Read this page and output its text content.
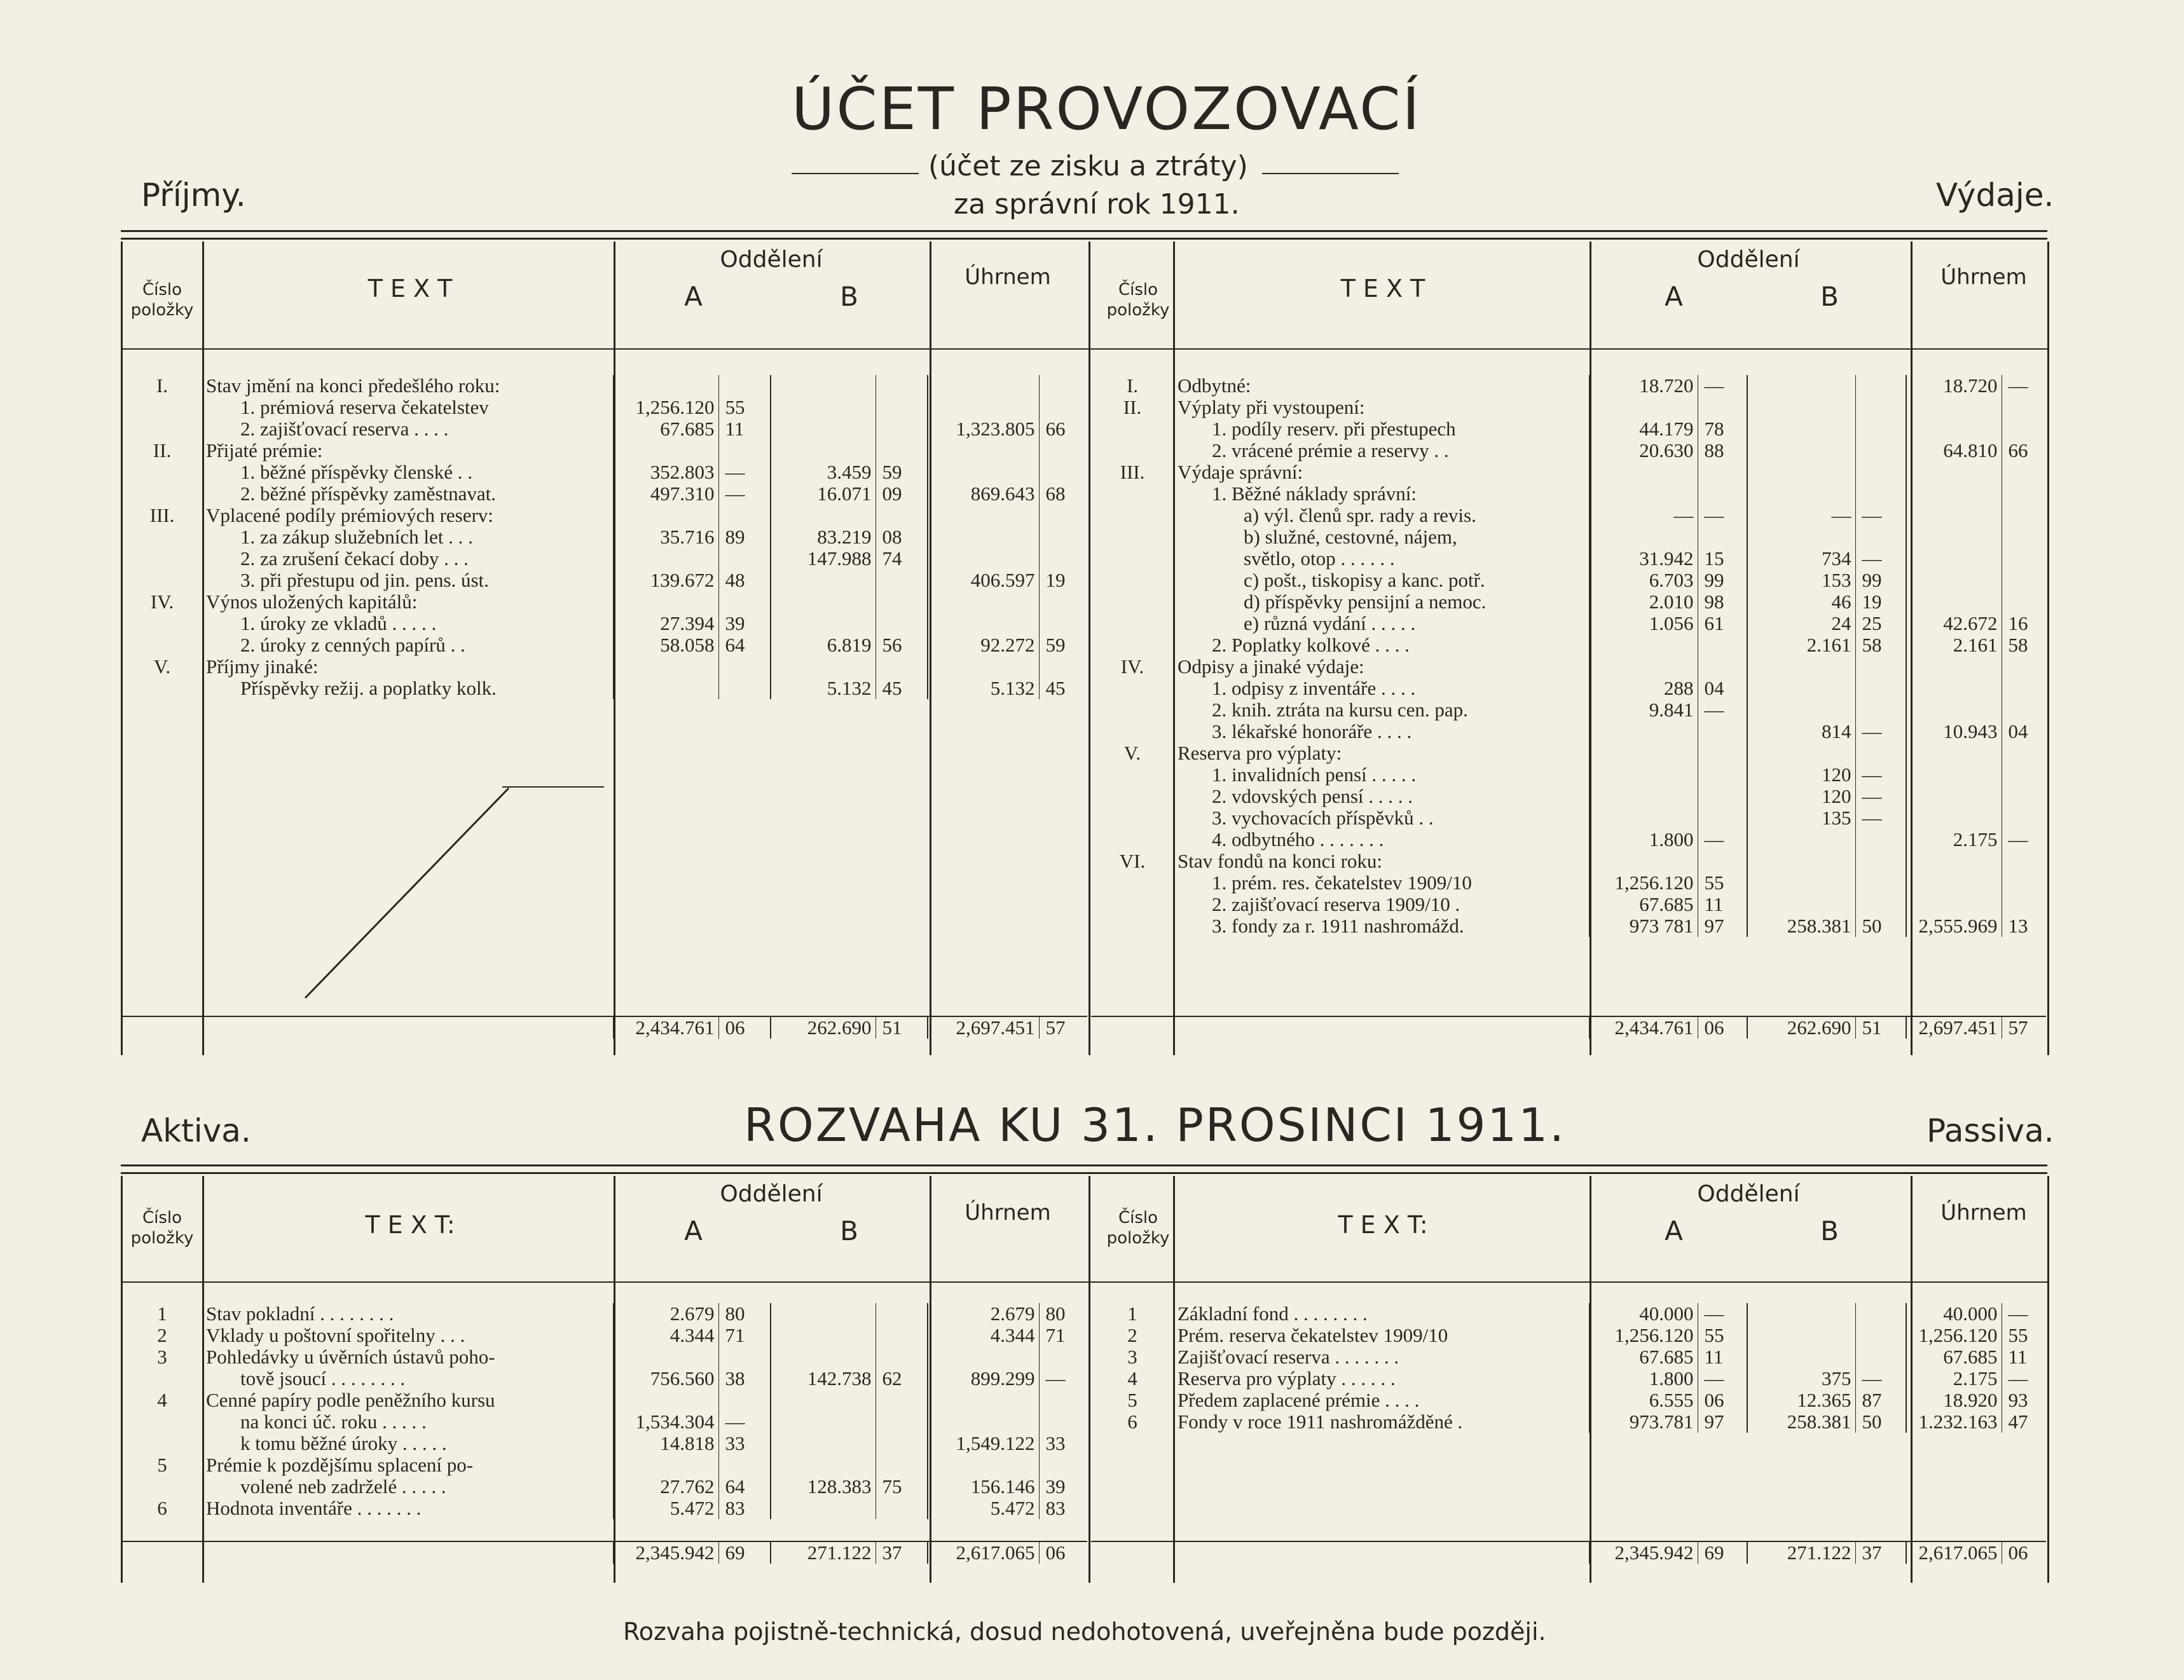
ÚČET PROVOZOVACÍ
(účet ze zisku a ztráty)
za správní rok 1911.
Příjmy.	Výdaje.
Číslo položky
T E X T
Oddělení
A	B
Úhrnem	Číslo položky
T E X T
Oddělení
A	B
Úhrnem
I.	Stav jmění na konci předešlého roku:						
	1. prémiová reserva čekatelstev	1,256.120	55				
	2. zajišťovací reserva . . . .	67.685	11			1,323.805	66
II.	Přijaté prémie:						
	1. běžné příspěvky členské . .	352.803	—	3.459	59		
	2. běžné příspěvky zaměstnavat.	497.310	—	16.071	09	869.643	68
III.	Vplacené podíly prémiových reserv:						
	1. za zákup služebních let . . .	35.716	89	83.219	08		
	2. za zrušení čekací doby . . .			147.988	74		
	3. při přestupu od jin. pens. úst.	139.672	48			406.597	19
IV.	Výnos uložených kapitálů:						
	1. úroky ze vkladů . . . . .	27.394	39				
	2. úroky z cenných papírů . .	58.058	64	6.819	56	92.272	59
V.	Příjmy jinaké:						
	Příspěvky režij. a poplatky kolk.			5.132	45	5.132	45
		2,434.761	06	262.690	51	2,697.451	57
I.	Odbytné:	18.720	—			18.720	—
II.	Výplaty při vystoupení:						
	1. podíly reserv. při přestupech	44.179	78				
	2. vrácené prémie a reservy . .	20.630	88			64.810	66
III.	Výdaje správní:						
	1. Běžné náklady správní:						
	a) výl. členů spr. rady a revis.	—	—	—	—		
	b) služné, cestovné, nájem,						
	světlo, otop . . . . . .	31.942	15	734	—		
	c) pošt., tiskopisy a kanc. potř.	6.703	99	153	99		
	d) příspěvky pensijní a nemoc.	2.010	98	46	19		
	e) různá vydání . . . . .	1.056	61	24	25	42.672	16
	2. Poplatky kolkové . . . .			2.161	58	2.161	58
IV.	Odpisy a jinaké výdaje:						
	1. odpisy z inventáře . . . .	288	04				
	2. knih. ztráta na kursu cen. pap.	9.841	—				
	3. lékařské honoráře . . . .			814	—	10.943	04
V.	Reserva pro výplaty:						
	1. invalidních pensí . . . . .			120	—		
	2. vdovských pensí . . . . .			120	—		
	3. vychovacích příspěvků . .			135	—		
	4. odbytného . . . . . . .	1.800	—			2.175	—
VI.	Stav fondů na konci roku:						
	1. prém. res. čekatelstev 1909/10	1,256.120	55				
	2. zajišťovací reserva 1909/10 .	67.685	11				
	3. fondy za r. 1911 nashromážd.	973 781	97	258.381	50	2,555.969	13
		2,434.761	06	262.690	51	2,697.451	57
Aktiva.	ROZVAHA KU 31. PROSINCI 1911.	Passiva.
Číslo položky	T E X T:
Oddělení
A	B
Úhrnem	Číslo položky	T E X T:
Oddělení
A	B
Úhrnem
1	Stav pokladní . . . . . . . .	2.679	80			2.679	80
2	Vklady u poštovní spořitelny . . .	4.344	71			4.344	71
3	Pohledávky u úvěrních ústavů poho-						
	tově jsoucí . . . . . . . .	756.560	38	142.738	62	899.299	—
4	Cenné papíry podle peněžního kursu						
	na konci úč. roku . . . . .	1,534.304	—				
	k tomu běžné úroky . . . . .	14.818	33			1,549.122	33
5	Prémie k pozdějšímu splacení po-						
	volené neb zadrželé . . . . .	27.762	64	128.383	75	156.146	39
6	Hodnota inventáře . . . . . . .	5.472	83			5.472	83
		2,345.942	69	271.122	37	2,617.065	06
1	Základní fond . . . . . . . .	40.000	—			40.000	—
2	Prém. reserva čekatelstev 1909/10	1,256.120	55			1,256.120	55
3	Zajišťovací reserva . . . . . . .	67.685	11			67.685	11
4	Reserva pro výplaty . . . . . .	1.800	—	375	—	2.175	—
5	Předem zaplacené prémie . . . .	6.555	06	12.365	87	18.920	93
6	Fondy v roce 1911 nashromážděné .	973.781	97	258.381	50	1.232.163	47
		2,345.942	69	271.122	37	2,617.065	06
Rozvaha pojistně-technická, dosud nedohotovená, uveřejněna bude později.
